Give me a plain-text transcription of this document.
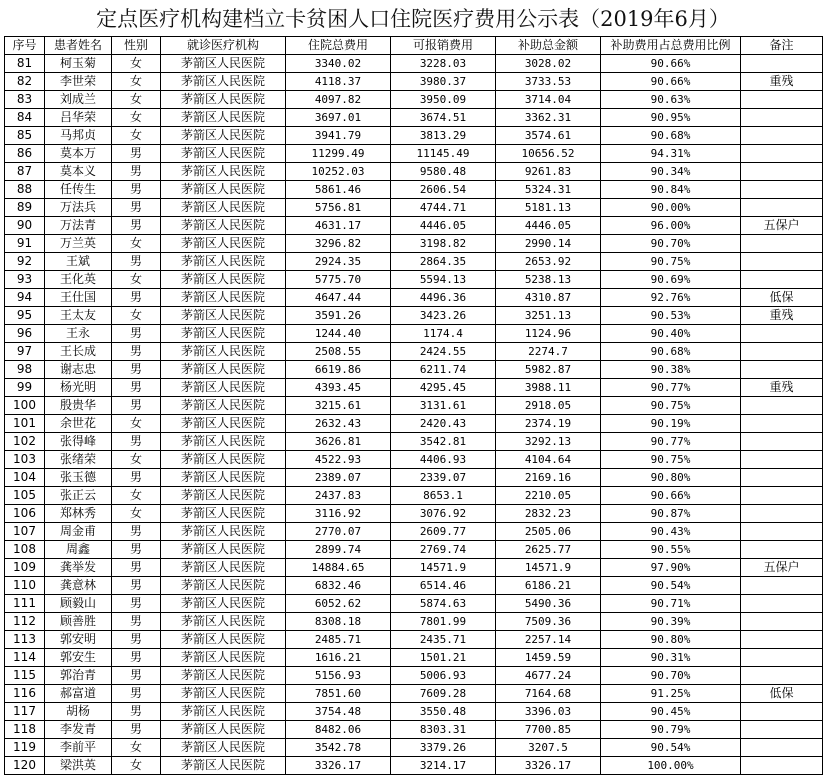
定点医疗机构建档立卡贫困人口住院医疗费用公示表（2019年6月）
序号	患者姓名	性别	就诊医疗机构	住院总费用	可报销费用	补助总金额	补助费用占总费用比例	备注
81	柯玉菊	女	茅箭区人民医院	3340.02	3228.03	3028.02	90.66%	
82	李世荣	女	茅箭区人民医院	4118.37	3980.37	3733.53	90.66%	重残
83	刘成兰	女	茅箭区人民医院	4097.82	3950.09	3714.04	90.63%	
84	吕华荣	女	茅箭区人民医院	3697.01	3674.51	3362.31	90.95%	
85	马邦贞	女	茅箭区人民医院	3941.79	3813.29	3574.61	90.68%	
86	莫本万	男	茅箭区人民医院	11299.49	11145.49	10656.52	94.31%	
87	莫本义	男	茅箭区人民医院	10252.03	9580.48	9261.83	90.34%	
88	任传生	男	茅箭区人民医院	5861.46	2606.54	5324.31	90.84%	
89	万法兵	男	茅箭区人民医院	5756.81	4744.71	5181.13	90.00%	
90	万法青	男	茅箭区人民医院	4631.17	4446.05	4446.05	96.00%	五保户
91	万兰英	女	茅箭区人民医院	3296.82	3198.82	2990.14	90.70%	
92	王斌	男	茅箭区人民医院	2924.35	2864.35	2653.92	90.75%	
93	王化英	女	茅箭区人民医院	5775.70	5594.13	5238.13	90.69%	
94	王仕国	男	茅箭区人民医院	4647.44	4496.36	4310.87	92.76%	低保
95	王太友	女	茅箭区人民医院	3591.26	3423.26	3251.13	90.53%	重残
96	王永	男	茅箭区人民医院	1244.40	1174.4	1124.96	90.40%	
97	王长成	男	茅箭区人民医院	2508.55	2424.55	2274.7	90.68%	
98	谢志忠	男	茅箭区人民医院	6619.86	6211.74	5982.87	90.38%	
99	杨光明	男	茅箭区人民医院	4393.45	4295.45	3988.11	90.77%	重残
100	殷贵华	男	茅箭区人民医院	3215.61	3131.61	2918.05	90.75%	
101	余世花	女	茅箭区人民医院	2632.43	2420.43	2374.19	90.19%	
102	张得峰	男	茅箭区人民医院	3626.81	3542.81	3292.13	90.77%	
103	张绪荣	女	茅箭区人民医院	4522.93	4406.93	4104.64	90.75%	
104	张玉德	男	茅箭区人民医院	2389.07	2339.07	2169.16	90.80%	
105	张正云	女	茅箭区人民医院	2437.83	8653.1	2210.05	90.66%	
106	郑林秀	女	茅箭区人民医院	3116.92	3076.92	2832.23	90.87%	
107	周金甫	男	茅箭区人民医院	2770.07	2609.77	2505.06	90.43%	
108	周鑫	男	茅箭区人民医院	2899.74	2769.74	2625.77	90.55%	
109	龚举发	男	茅箭区人民医院	14884.65	14571.9	14571.9	97.90%	五保户
110	龚意林	男	茅箭区人民医院	6832.46	6514.46	6186.21	90.54%	
111	顾毅山	男	茅箭区人民医院	6052.62	5874.63	5490.36	90.71%	
112	顾善胜	男	茅箭区人民医院	8308.18	7801.99	7509.36	90.39%	
113	郭安明	男	茅箭区人民医院	2485.71	2435.71	2257.14	90.80%	
114	郭安生	男	茅箭区人民医院	1616.21	1501.21	1459.59	90.31%	
115	郭治青	男	茅箭区人民医院	5156.93	5006.93	4677.24	90.70%	
116	郝富道	男	茅箭区人民医院	7851.60	7609.28	7164.68	91.25%	低保
117	胡杨	男	茅箭区人民医院	3754.48	3550.48	3396.03	90.45%	
118	李发青	男	茅箭区人民医院	8482.06	8303.31	7700.85	90.79%	
119	李前平	女	茅箭区人民医院	3542.78	3379.26	3207.5	90.54%	
120	梁洪英	女	茅箭区人民医院	3326.17	3214.17	3326.17	100.00%	
